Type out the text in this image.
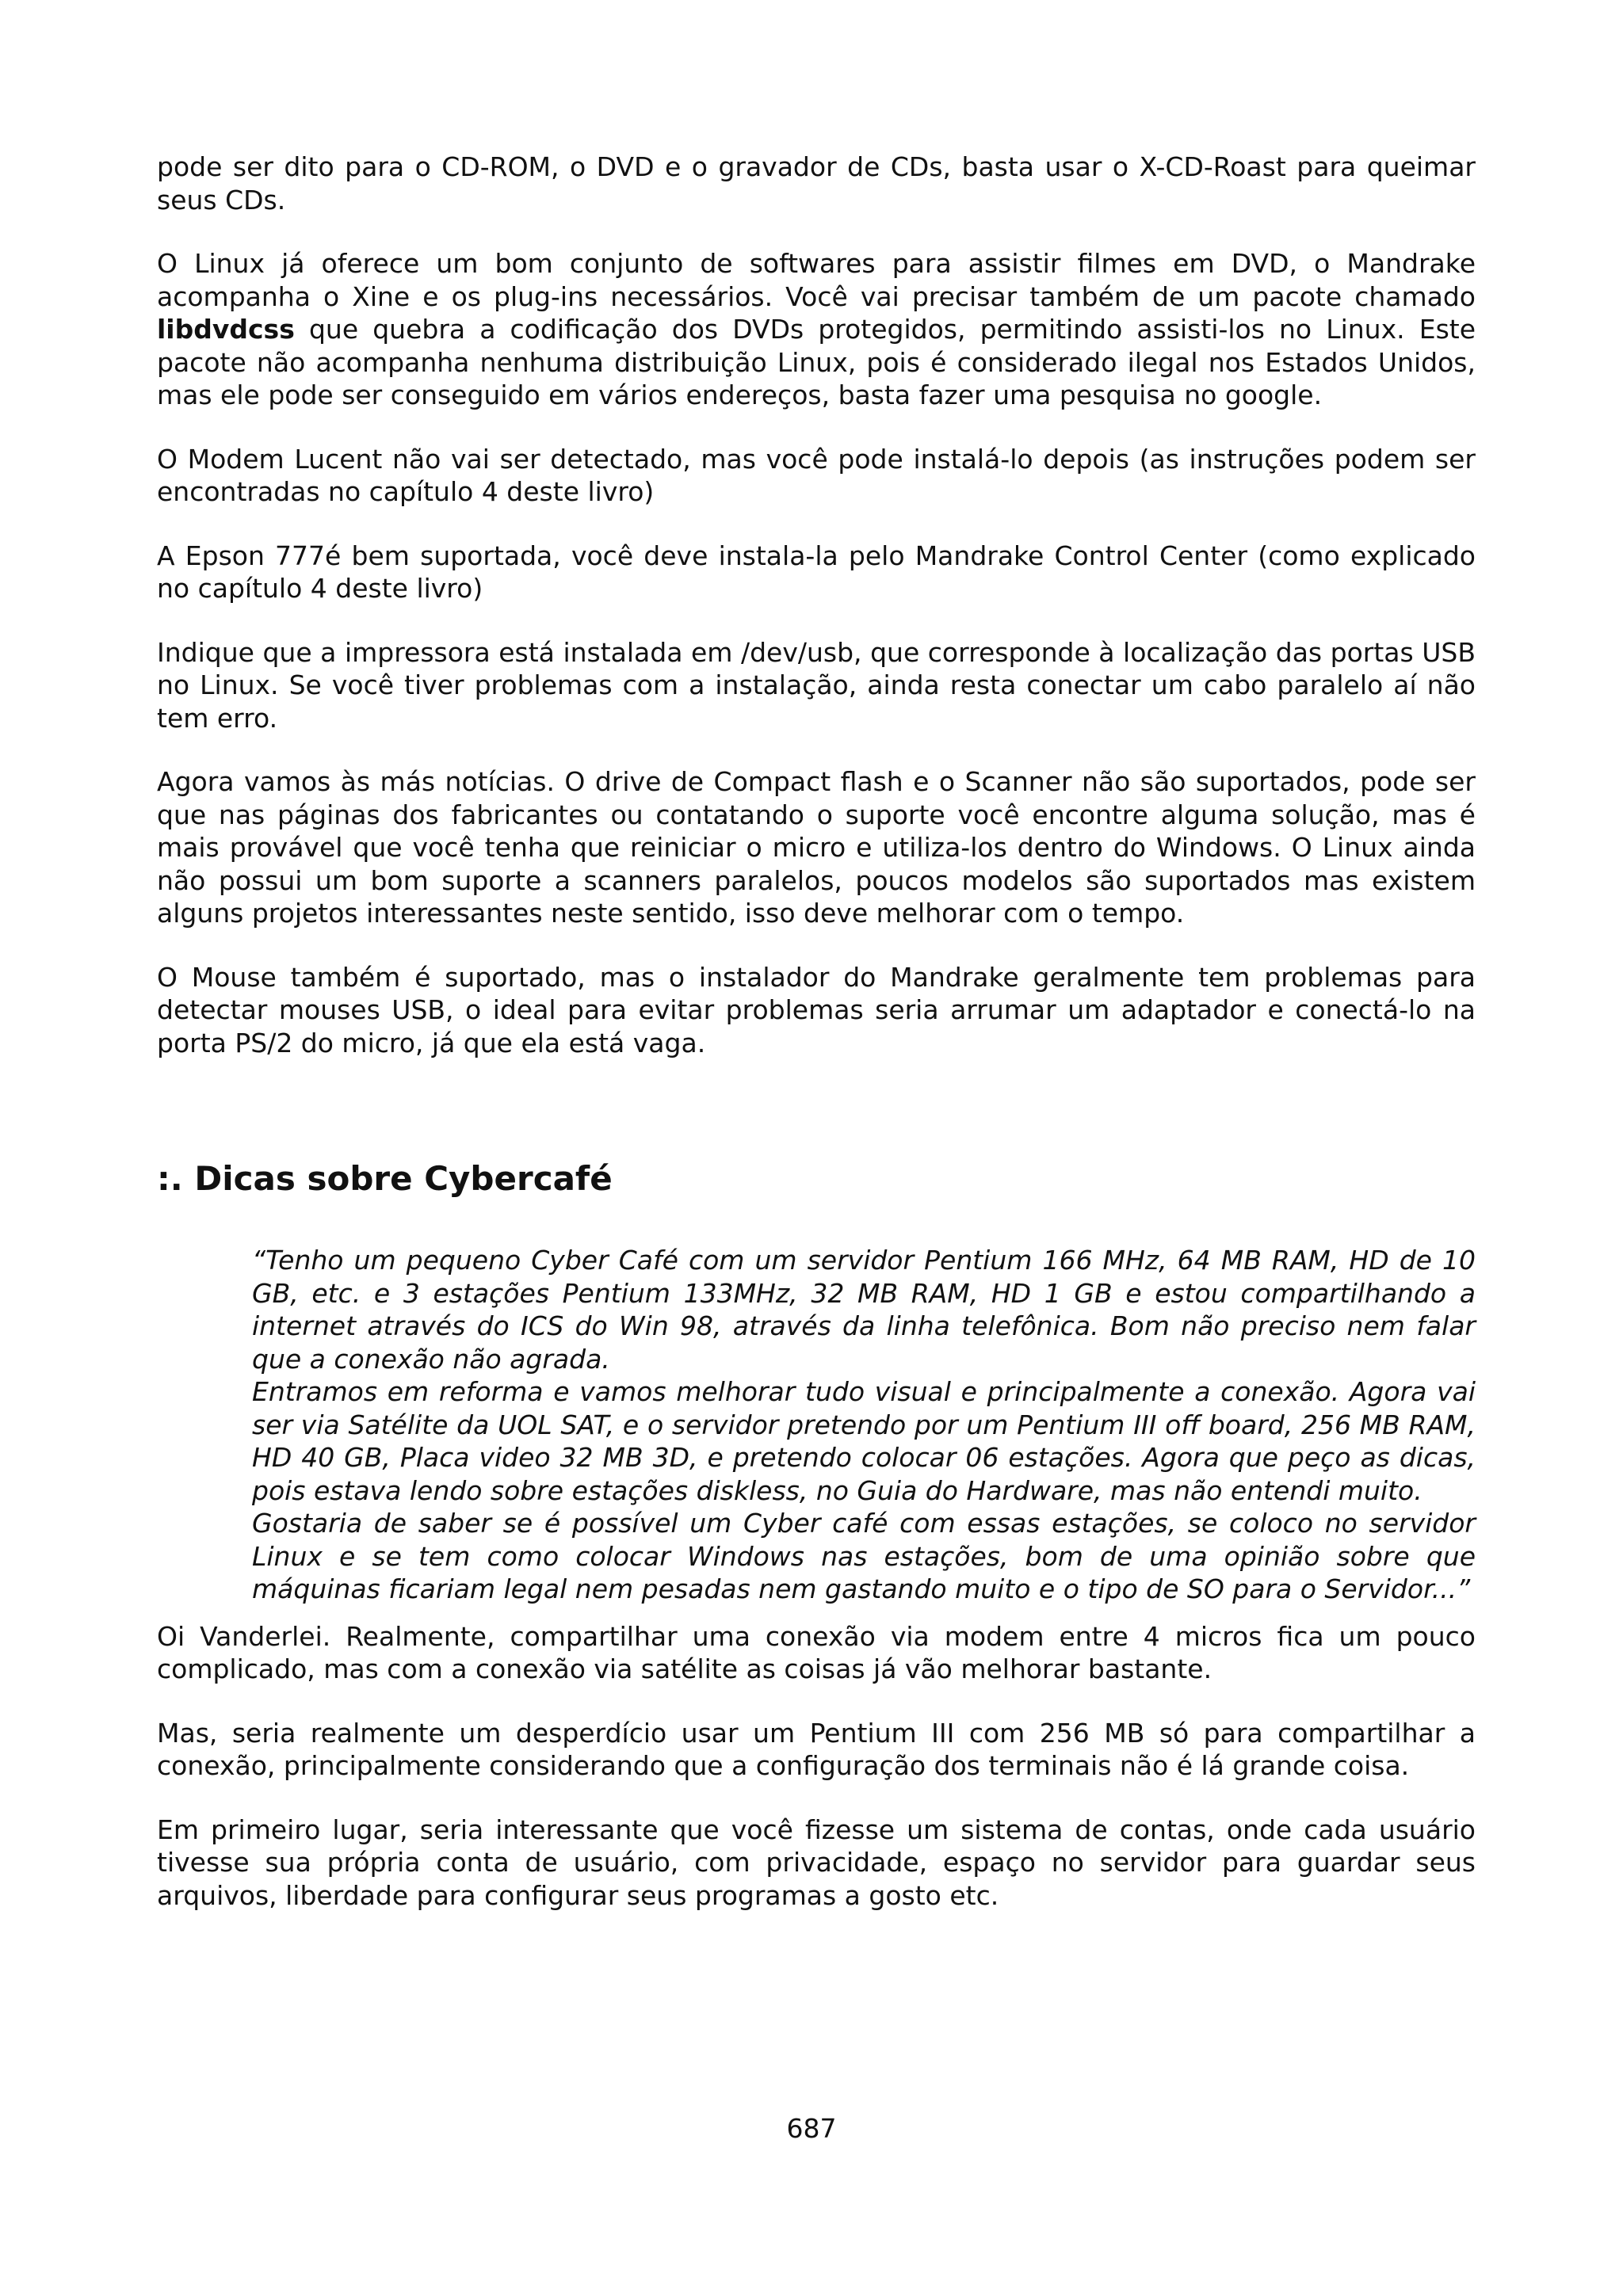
pode ser dito para o CD-ROM, o DVD e o gravador de CDs, basta usar o X-CD-Roast para queimar seus CDs.

O Linux já oferece um bom conjunto de softwares para assistir filmes em DVD, o Mandrake acompanha o Xine e os plug-ins necessários. Você vai precisar também de um pacote chamado libdvdcss que quebra a codificação dos DVDs protegidos, permitindo assisti-los no Linux. Este pacote não acompanha nenhuma distribuição Linux, pois é considerado ilegal nos Estados Unidos, mas ele pode ser conseguido em vários endereços, basta fazer uma pesquisa no google.

O Modem Lucent não vai ser detectado, mas você pode instalá-lo depois (as instruções podem ser encontradas no capítulo 4 deste livro)

A Epson 777é bem suportada, você deve instala-la pelo Mandrake Control Center (como explicado no capítulo 4 deste livro)

Indique que a impressora está instalada em /dev/usb, que corresponde à localização das portas USB no Linux. Se você tiver problemas com a instalação, ainda resta conectar um cabo paralelo aí não tem erro.

Agora vamos às más notícias. O drive de Compact flash e o Scanner não são suportados, pode ser que nas páginas dos fabricantes ou contatando o suporte você encontre alguma solução, mas é mais provável que você tenha que reiniciar o micro e utiliza-los dentro do Windows. O Linux ainda não possui um bom suporte a scanners paralelos, poucos modelos são suportados mas existem alguns projetos interessantes neste sentido, isso deve melhorar com o tempo.

O Mouse também é suportado, mas o instalador do Mandrake geralmente tem problemas para detectar mouses USB, o ideal para evitar problemas seria arrumar um adaptador e conectá-lo na porta PS/2 do micro, já que ela está vaga.

:. Dicas sobre Cybercafé
“Tenho um pequeno Cyber Café com um servidor Pentium 166 MHz, 64 MB RAM, HD de 10 GB, etc. e 3 estações Pentium 133MHz, 32 MB RAM, HD 1 GB e estou compartilhando a internet através do ICS do Win 98, através da linha telefônica. Bom não preciso nem falar que a conexão não agrada.
Entramos em reforma e vamos melhorar tudo visual e principalmente a conexão. Agora vai ser via Satélite da UOL SAT, e o servidor pretendo por um Pentium III off board, 256 MB RAM, HD 40 GB, Placa video 32 MB 3D, e pretendo colocar 06 estações. Agora que peço as dicas, pois estava lendo sobre estações diskless, no Guia do Hardware, mas não entendi muito.
Gostaria de saber se é possível um Cyber café com essas estações, se coloco no servidor Linux e se tem como colocar Windows nas estações, bom de uma opinião sobre que máquinas ficariam legal nem pesadas nem gastando muito e o tipo de SO para o Servidor...”

Oi Vanderlei. Realmente, compartilhar uma conexão via modem entre 4 micros fica um pouco complicado, mas com a conexão via satélite as coisas já vão melhorar bastante.

Mas, seria realmente um desperdício usar um Pentium III com 256 MB só para compartilhar a conexão, principalmente considerando que a configuração dos terminais não é lá grande coisa.

Em primeiro lugar, seria interessante que você fizesse um sistema de contas, onde cada usuário tivesse sua própria conta de usuário, com privacidade, espaço no servidor para guardar seus arquivos, liberdade para configurar seus programas a gosto etc.

687
